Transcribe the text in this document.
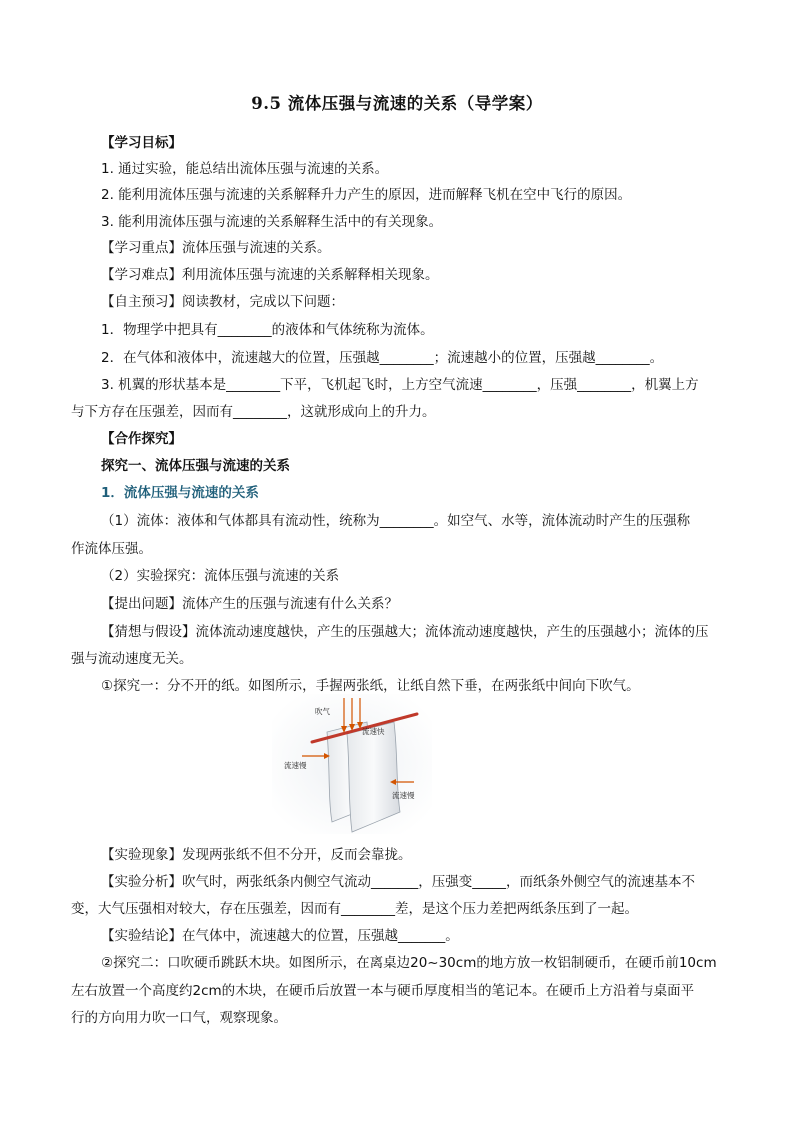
9.5 流体压强与流速的关系（导学案）
【学习目标】
1. 通过实验，能总结出流体压强与流速的关系。
2. 能利用流体压强与流速的关系解释升力产生的原因，进而解释飞机在空中飞行的原因。
3. 能利用流体压强与流速的关系解释生活中的有关现象。
【学习重点】流体压强与流速的关系。
【学习难点】利用流体压强与流速的关系解释相关现象。
【自主预习】阅读教材，完成以下问题：
1．物理学中把具有________的液体和气体统称为流体。
2．在气体和液体中，流速越大的位置，压强越________；流速越小的位置，压强越________。
3. 机翼的形状基本是________下平，飞机起飞时，上方空气流速________，压强________，机翼上方
与下方存在压强差，因而有________，这就形成向上的升力。
【合作探究】
探究一、流体压强与流速的关系
1．流体压强与流速的关系
（1）流体：液体和气体都具有流动性，统称为________。如空气、水等，流体流动时产生的压强称
作流体压强。
（2）实验探究：流体压强与流速的关系
【提出问题】流体产生的压强与流速有什么关系？
【猜想与假设】流体流动速度越快，产生的压强越大；流体流动速度越快，产生的压强越小；流体的压
强与流动速度无关。
①探究一：分不开的纸。如图所示，手握两张纸，让纸自然下垂，在两张纸中间向下吹气。
吹气
流速快
流速慢
流速慢
【实验现象】发现两张纸不但不分开，反而会靠拢。
【实验分析】吹气时，两张纸条内侧空气流动_______，压强变_____，而纸条外侧空气的流速基本不
变，大气压强相对较大，存在压强差，因而有________差，是这个压力差把两纸条压到了一起。
【实验结论】在气体中，流速越大的位置，压强越_______。
②探究二：口吹硬币跳跃木块。如图所示，在离桌边20~30cm的地方放一枚铝制硬币，在硬币前10cm
左右放置一个高度约2cm的木块，在硬币后放置一本与硬币厚度相当的笔记本。在硬币上方沿着与桌面平
行的方向用力吹一口气，观察现象。
